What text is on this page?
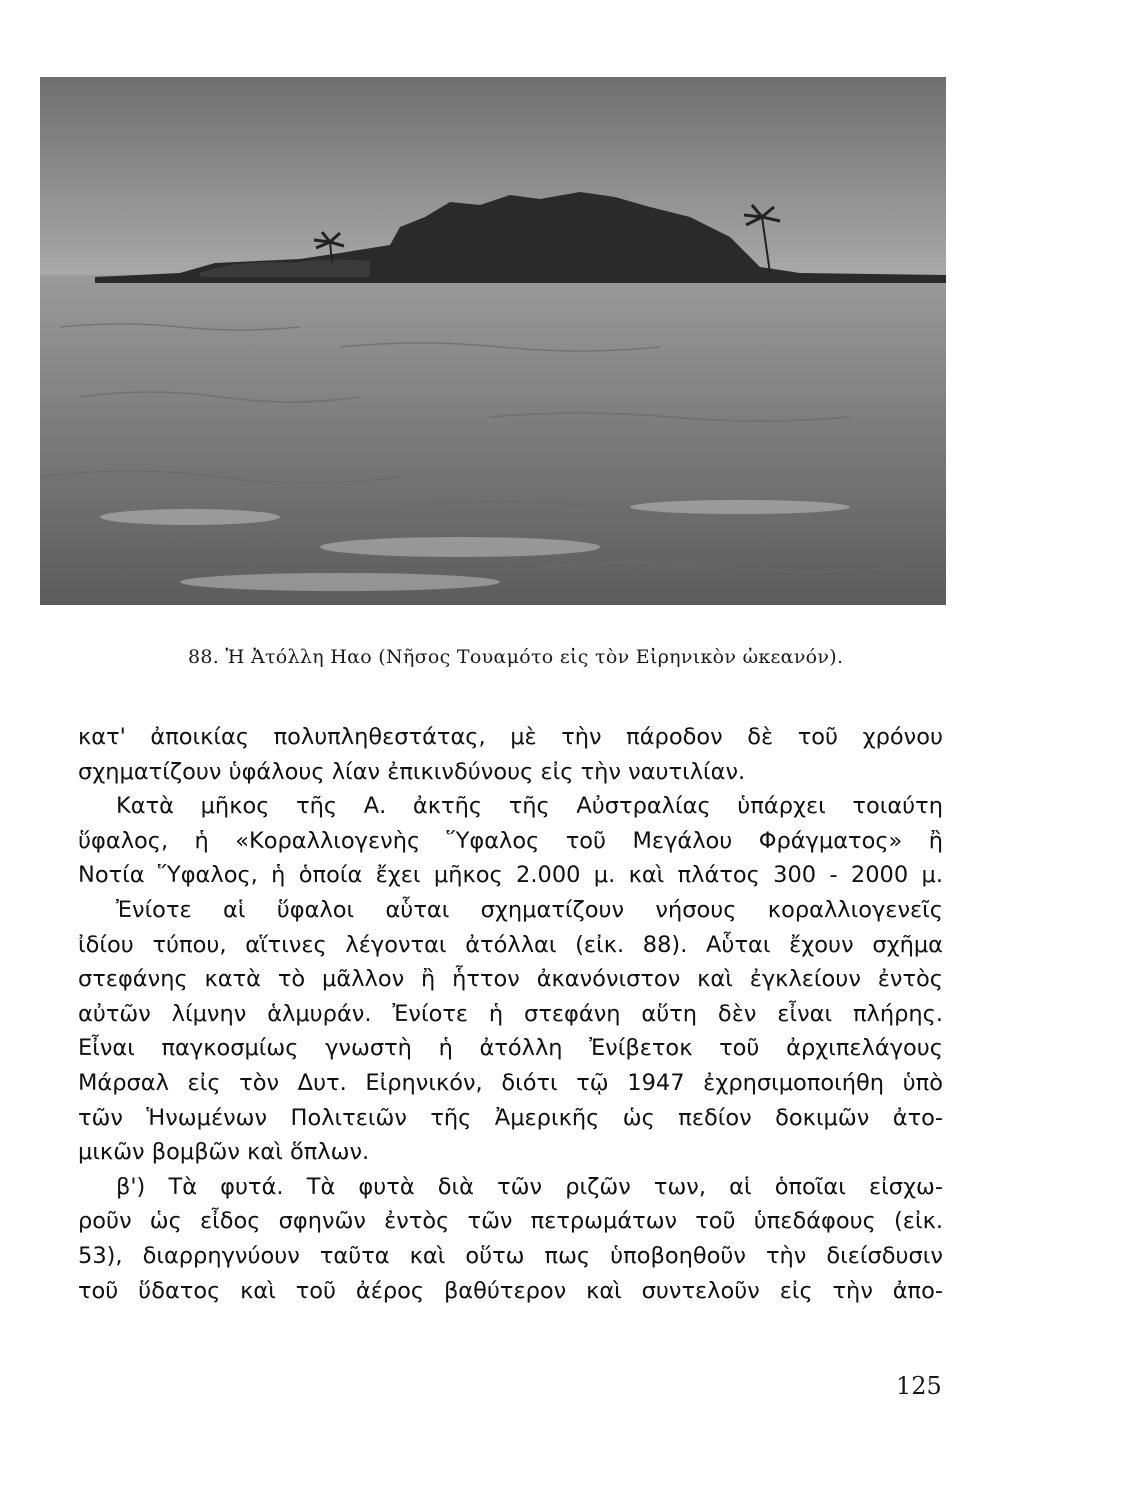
88. Ἡ Ἀτόλλη Ηαο (Νῆσος Τουαμότο εἰς τὸν Εἰρηνικὸν ὠκεανόν).
κατ' ἀποικίας πολυπληθεστάτας, μὲ τὴν πάροδον δὲ τοῦ χρόνου
σχηματίζουν ὑφάλους λίαν ἐπικινδύνους εἰς τὴν ναυτιλίαν.
Κατὰ μῆκος τῆς Α. ἀκτῆς τῆς Αὐστραλίας ὑπάρχει τοιαύτη
ὕφαλος, ἡ «Κοραλλιογενὴς Ὕφαλος τοῦ Μεγάλου Φράγματος» ἢ
Νοτία Ὕφαλος, ἡ ὁποία ἔχει μῆκος 2.000 μ. καὶ πλάτος 300 - 2000 μ.
Ἐνίοτε αἱ ὕφαλοι αὗται σχηματίζουν νήσους κοραλλιογενεῖς
ἰδίου τύπου, αἵτινες λέγονται ἀτόλλαι (εἰκ. 88). Αὗται ἔχουν σχῆμα
στεφάνης κατὰ τὸ μᾶλλον ἢ ἧττον ἀκανόνιστον καὶ ἐγκλείουν ἐντὸς
αὐτῶν λίμνην ἁλμυράν. Ἐνίοτε ἡ στεφάνη αὕτη δὲν εἶναι πλήρης.
Εἶναι παγκοσμίως γνωστὴ ἡ ἀτόλλη Ἐνίβετοκ τοῦ ἀρχιπελάγους
Μάρσαλ εἰς τὸν Δυτ. Εἰρηνικόν, διότι τῷ 1947 ἐχρησιμοποιήθη ὑπὸ
τῶν Ἡνωμένων Πολιτειῶν τῆς Ἀμερικῆς ὡς πεδίον δοκιμῶν ἀτο-
μικῶν βομβῶν καὶ ὅπλων.
β') Τὰ φυτά. Τὰ φυτὰ διὰ τῶν ριζῶν των, αἱ ὁποῖαι εἰσχω-
ροῦν ὡς εἶδος σφηνῶν ἐντὸς τῶν πετρωμάτων τοῦ ὑπεδάφους (εἰκ.
53), διαρρηγνύουν ταῦτα καὶ οὕτω πως ὑποβοηθοῦν τὴν διείσδυσιν
τοῦ ὕδατος καὶ τοῦ ἀέρος βαθύτερον καὶ συντελοῦν εἰς τὴν ἀπο-
125
